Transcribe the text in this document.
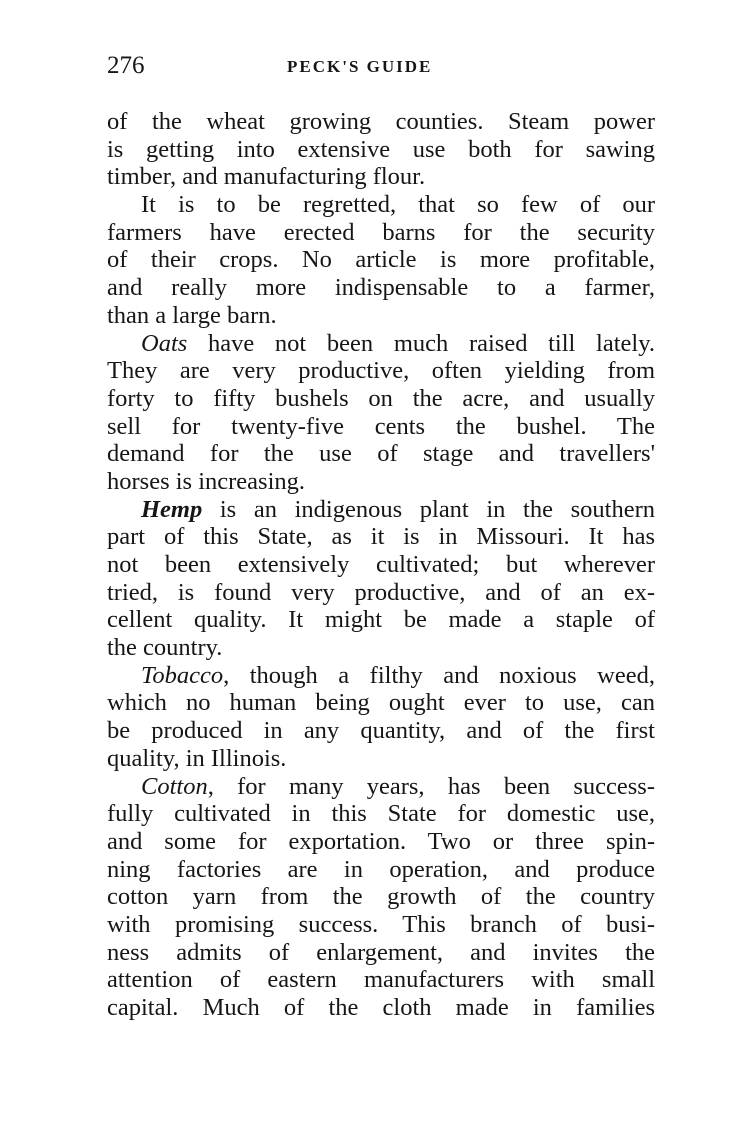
276	PECK'S GUIDE
of the wheat growing counties. Steam power
is getting into extensive use both for sawing
timber, and manufacturing flour.
It is to be regretted, that so few of our
farmers have erected barns for the security
of their crops. No article is more profitable,
and really more indispensable to a farmer,
than a large barn.
Oats have not been much raised till lately.
They are very productive, often yielding from
forty to fifty bushels on the acre, and usually
sell for twenty-five cents the bushel. The
demand for the use of stage and travellers'
horses is increasing.
Hemp is an indigenous plant in the southern
part of this State, as it is in Missouri. It has
not been extensively cultivated; but wherever
tried, is found very productive, and of an ex-
cellent quality. It might be made a staple of
the country.
Tobacco, though a filthy and noxious weed,
which no human being ought ever to use, can
be produced in any quantity, and of the first
quality, in Illinois.
Cotton, for many years, has been success-
fully cultivated in this State for domestic use,
and some for exportation. Two or three spin-
ning factories are in operation, and produce
cotton yarn from the growth of the country
with promising success. This branch of busi-
ness admits of enlargement, and invites the
attention of eastern manufacturers with small
capital. Much of the cloth made in families
